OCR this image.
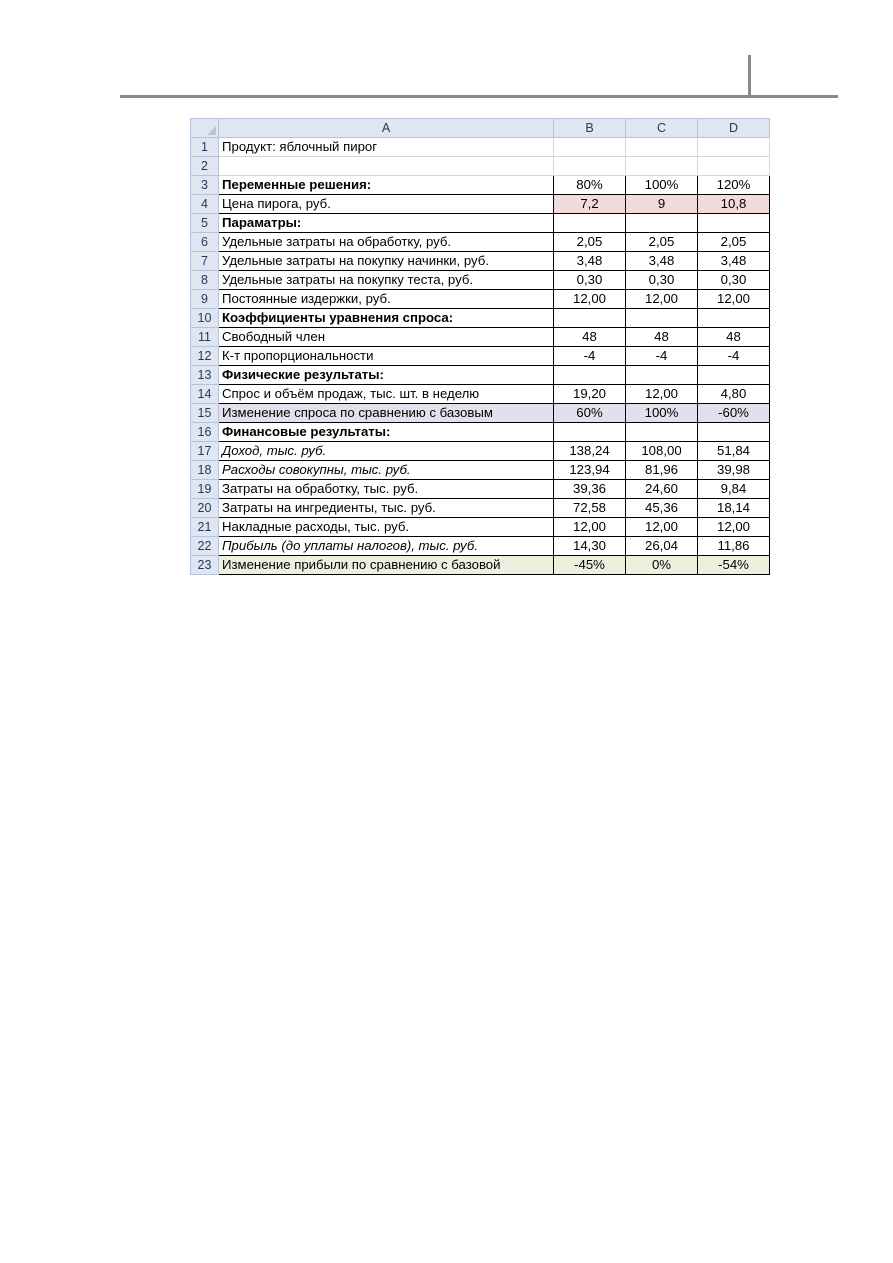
	A	B	C	D
1	Продукт: яблочный пирог			
2				
3	Переменные решения:	80%	100%	120%
4	Цена пирога, руб.	7,2	9	10,8
5	Параматры:			
6	Удельные затраты на обработку, руб.	2,05	2,05	2,05
7	Удельные затраты на покупку начинки, руб.	3,48	3,48	3,48
8	Удельные затраты на покупку теста, руб.	0,30	0,30	0,30
9	Постоянные издержки, руб.	12,00	12,00	12,00
10	Коэффициенты уравнения спроса:			
11	Свободный член	48	48	48
12	К-т пропорциональности	-4	-4	-4
13	Физические результаты:			
14	Спрос и объём продаж, тыс. шт. в неделю	19,20	12,00	4,80
15	Изменение спроса по сравнению с базовым	60%	100%	-60%
16	Финансовые результаты:			
17	Доход, тыс. руб.	138,24	108,00	51,84
18	Расходы совокупны, тыс. руб.	123,94	81,96	39,98
19	Затраты на обработку, тыс. руб.	39,36	24,60	9,84
20	Затраты на ингредиенты, тыс. руб.	72,58	45,36	18,14
21	Накладные расходы, тыс. руб.	12,00	12,00	12,00
22	Прибыль (до уплаты налогов), тыс. руб.	14,30	26,04	11,86
23	Изменение прибыли по сравнению с базовой	-45%	0%	-54%
